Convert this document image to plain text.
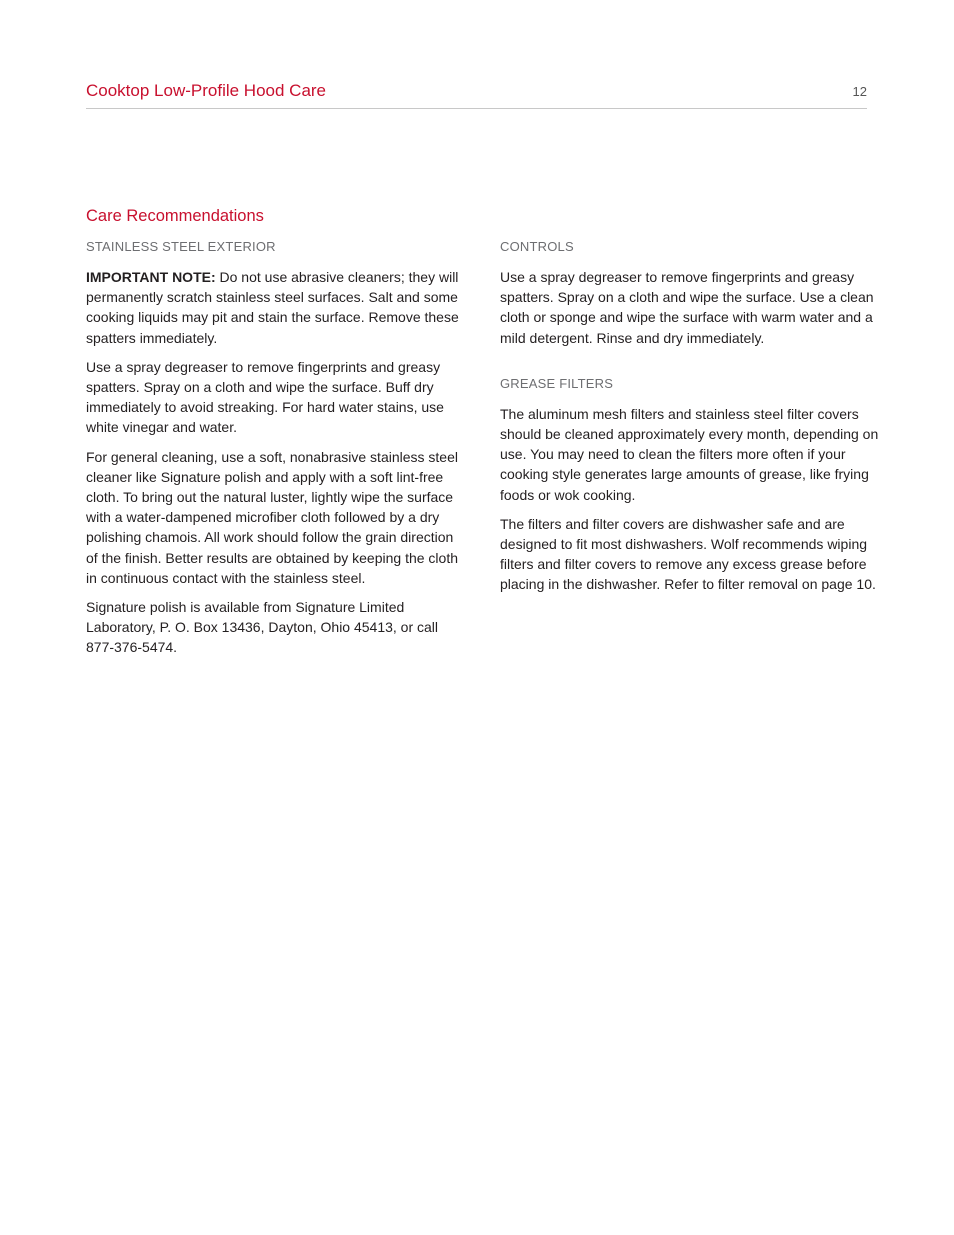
Cooktop Low-Profile Hood Care	12
Care Recommendations
STAINLESS STEEL EXTERIOR

IMPORTANT NOTE: Do not use abrasive cleaners; they will permanently scratch stainless steel surfaces. Salt and some cooking liquids may pit and stain the surface. Remove these spatters immediately.

Use a spray degreaser to remove fingerprints and greasy spatters. Spray on a cloth and wipe the surface. Buff dry immediately to avoid streaking. For hard water stains, use white vinegar and water.

For general cleaning, use a soft, nonabrasive stainless steel cleaner like Signature polish and apply with a soft lint-free cloth. To bring out the natural luster, lightly wipe the surface with a water-dampened microfiber cloth followed by a dry polishing chamois. All work should follow the grain direction of the finish. Better results are obtained by keeping the cloth in continuous contact with the stainless steel.

Signature polish is available from Signature Limited Laboratory, P. O. Box 13436, Dayton, Ohio 45413, or call 877-376-5474.

CONTROLS

Use a spray degreaser to remove fingerprints and greasy spatters. Spray on a cloth and wipe the surface. Use a clean cloth or sponge and wipe the surface with warm water and a mild detergent. Rinse and dry immediately.

GREASE FILTERS

The aluminum mesh filters and stainless steel filter covers should be cleaned approximately every month, depending on use. You may need to clean the filters more often if your cooking style generates large amounts of grease, like frying foods or wok cooking.

The filters and filter covers are dishwasher safe and are designed to fit most dishwashers. Wolf recommends wiping filters and filter covers to remove any excess grease before placing in the dishwasher. Refer to filter removal on page 10.
